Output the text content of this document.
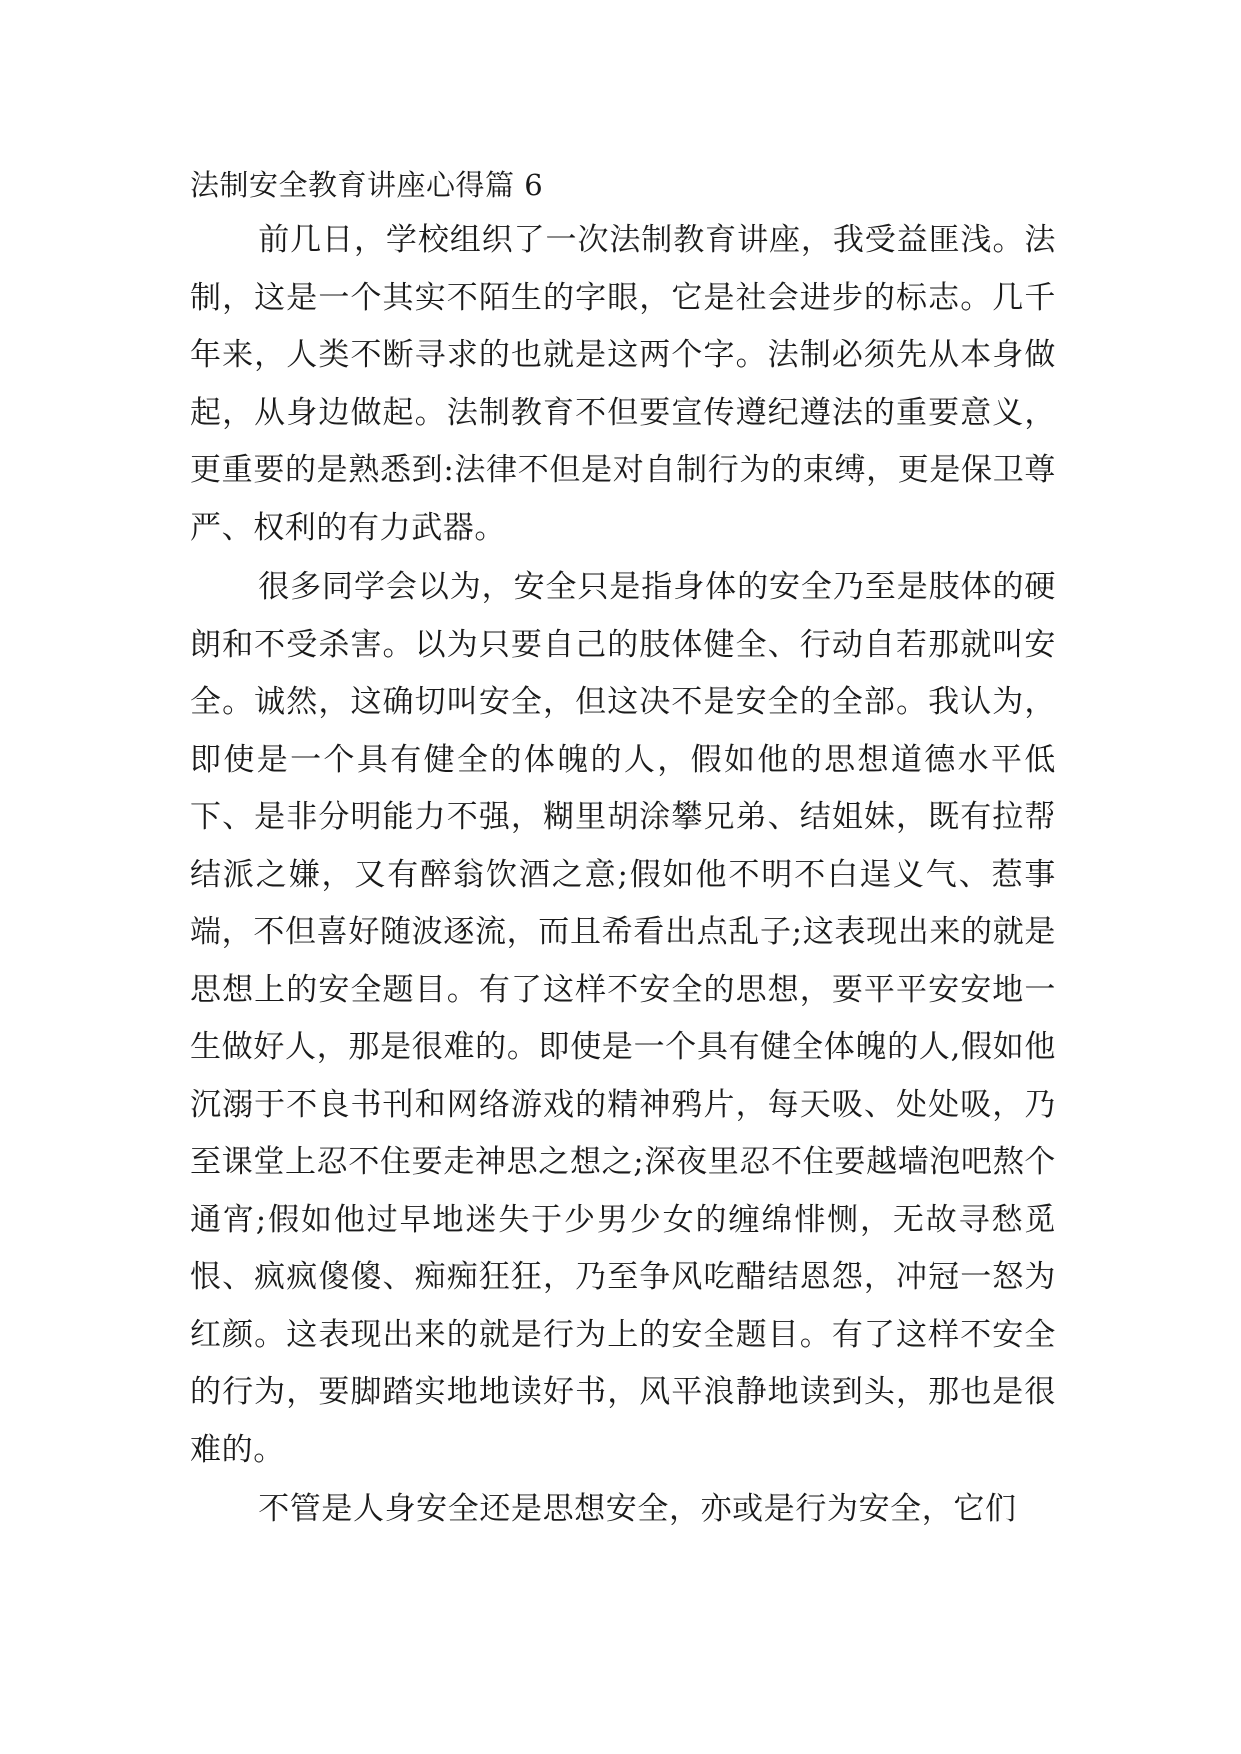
法制安全教育讲座心得篇 6

前几日，学校组织了一次法制教育讲座，我受益匪浅。法制，这是一个其实不陌生的字眼，它是社会进步的标志。几千年来，人类不断寻求的也就是这两个字。法制必须先从本身做起，从身边做起。法制教育不但要宣传遵纪遵法的重要意义，更重要的是熟悉到:法律不但是对自制行为的束缚，更是保卫尊严、权利的有力武器。

很多同学会以为，安全只是指身体的安全乃至是肢体的硬朗和不受杀害。以为只要自己的肢体健全、行动自若那就叫安全。诚然，这确切叫安全，但这决不是安全的全部。我认为，即使是一个具有健全的体魄的人，假如他的思想道德水平低下、是非分明能力不强，糊里胡涂攀兄弟、结姐妹，既有拉帮结派之嫌，又有醉翁饮酒之意;假如他不明不白逞义气、惹事端，不但喜好随波逐流，而且希看出点乱子;这表现出来的就是思想上的安全题目。有了这样不安全的思想，要平平安安地一生做好人，那是很难的。即使是一个具有健全体魄的人,假如他沉溺于不良书刊和网络游戏的精神鸦片，每天吸、处处吸，乃至课堂上忍不住要走神思之想之;深夜里忍不住要越墙泡吧熬个通宵;假如他过早地迷失于少男少女的缠绵悱恻，无故寻愁觅恨、疯疯傻傻、痴痴狂狂，乃至争风吃醋结恩怨，冲冠一怒为红颜。这表现出来的就是行为上的安全题目。有了这样不安全的行为，要脚踏实地地读好书，风平浪静地读到头，那也是很难的。

不管是人身安全还是思想安全，亦或是行为安全，它们
